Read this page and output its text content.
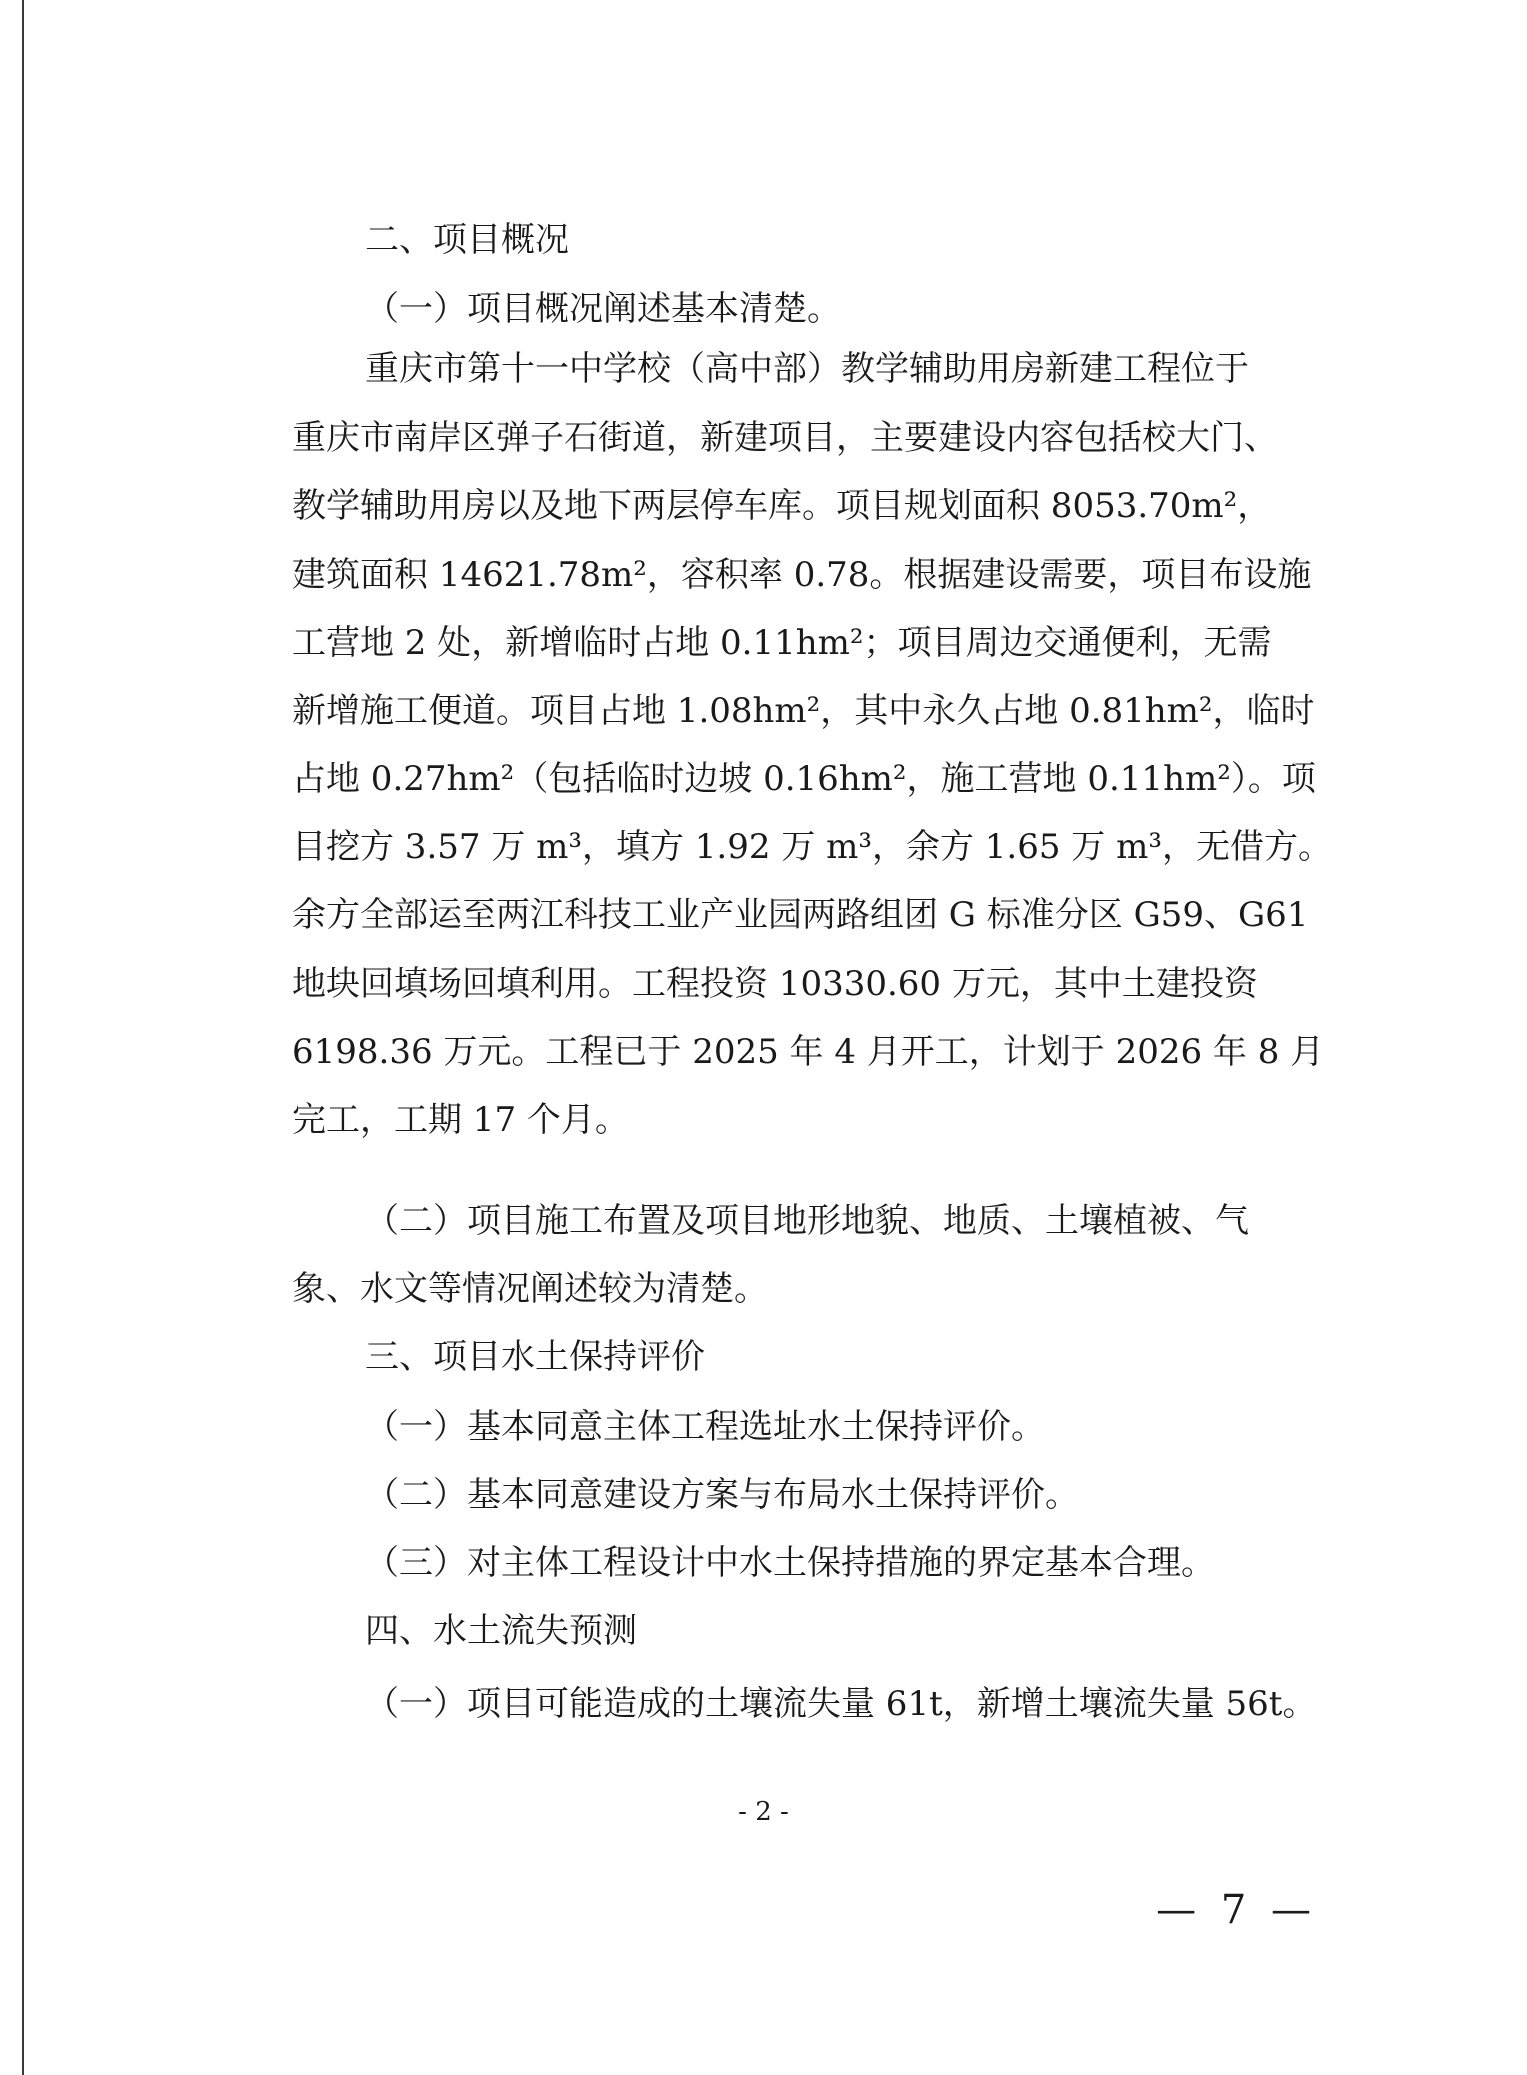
二、项目概况
（一）项目概况阐述基本清楚。
重庆市第十一中学校（高中部）教学辅助用房新建工程位于
重庆市南岸区弹子石街道，新建项目，主要建设内容包括校大门、
教学辅助用房以及地下两层停车库。项目规划面积 8053.70m²，
建筑面积 14621.78m²，容积率 0.78。根据建设需要，项目布设施
工营地 2 处，新增临时占地 0.11hm²；项目周边交通便利，无需
新增施工便道。项目占地 1.08hm²，其中永久占地 0.81hm²，临时
占地 0.27hm²（包括临时边坡 0.16hm²，施工营地 0.11hm²）。项
目挖方 3.57 万 m³，填方 1.92 万 m³，余方 1.65 万 m³，无借方。
余方全部运至两江科技工业产业园两路组团 G 标准分区 G59、G61
地块回填场回填利用。工程投资 10330.60 万元，其中土建投资
6198.36 万元。工程已于 2025 年 4 月开工，计划于 2026 年 8 月
完工，工期 17 个月。
（二）项目施工布置及项目地形地貌、地质、土壤植被、气
象、水文等情况阐述较为清楚。
三、项目水土保持评价
（一）基本同意主体工程选址水土保持评价。
（二）基本同意建设方案与布局水土保持评价。
（三）对主体工程设计中水土保持措施的界定基本合理。
四、水土流失预测
（一）项目可能造成的土壤流失量 61t，新增土壤流失量 56t。
- 2 -
— 7 —
